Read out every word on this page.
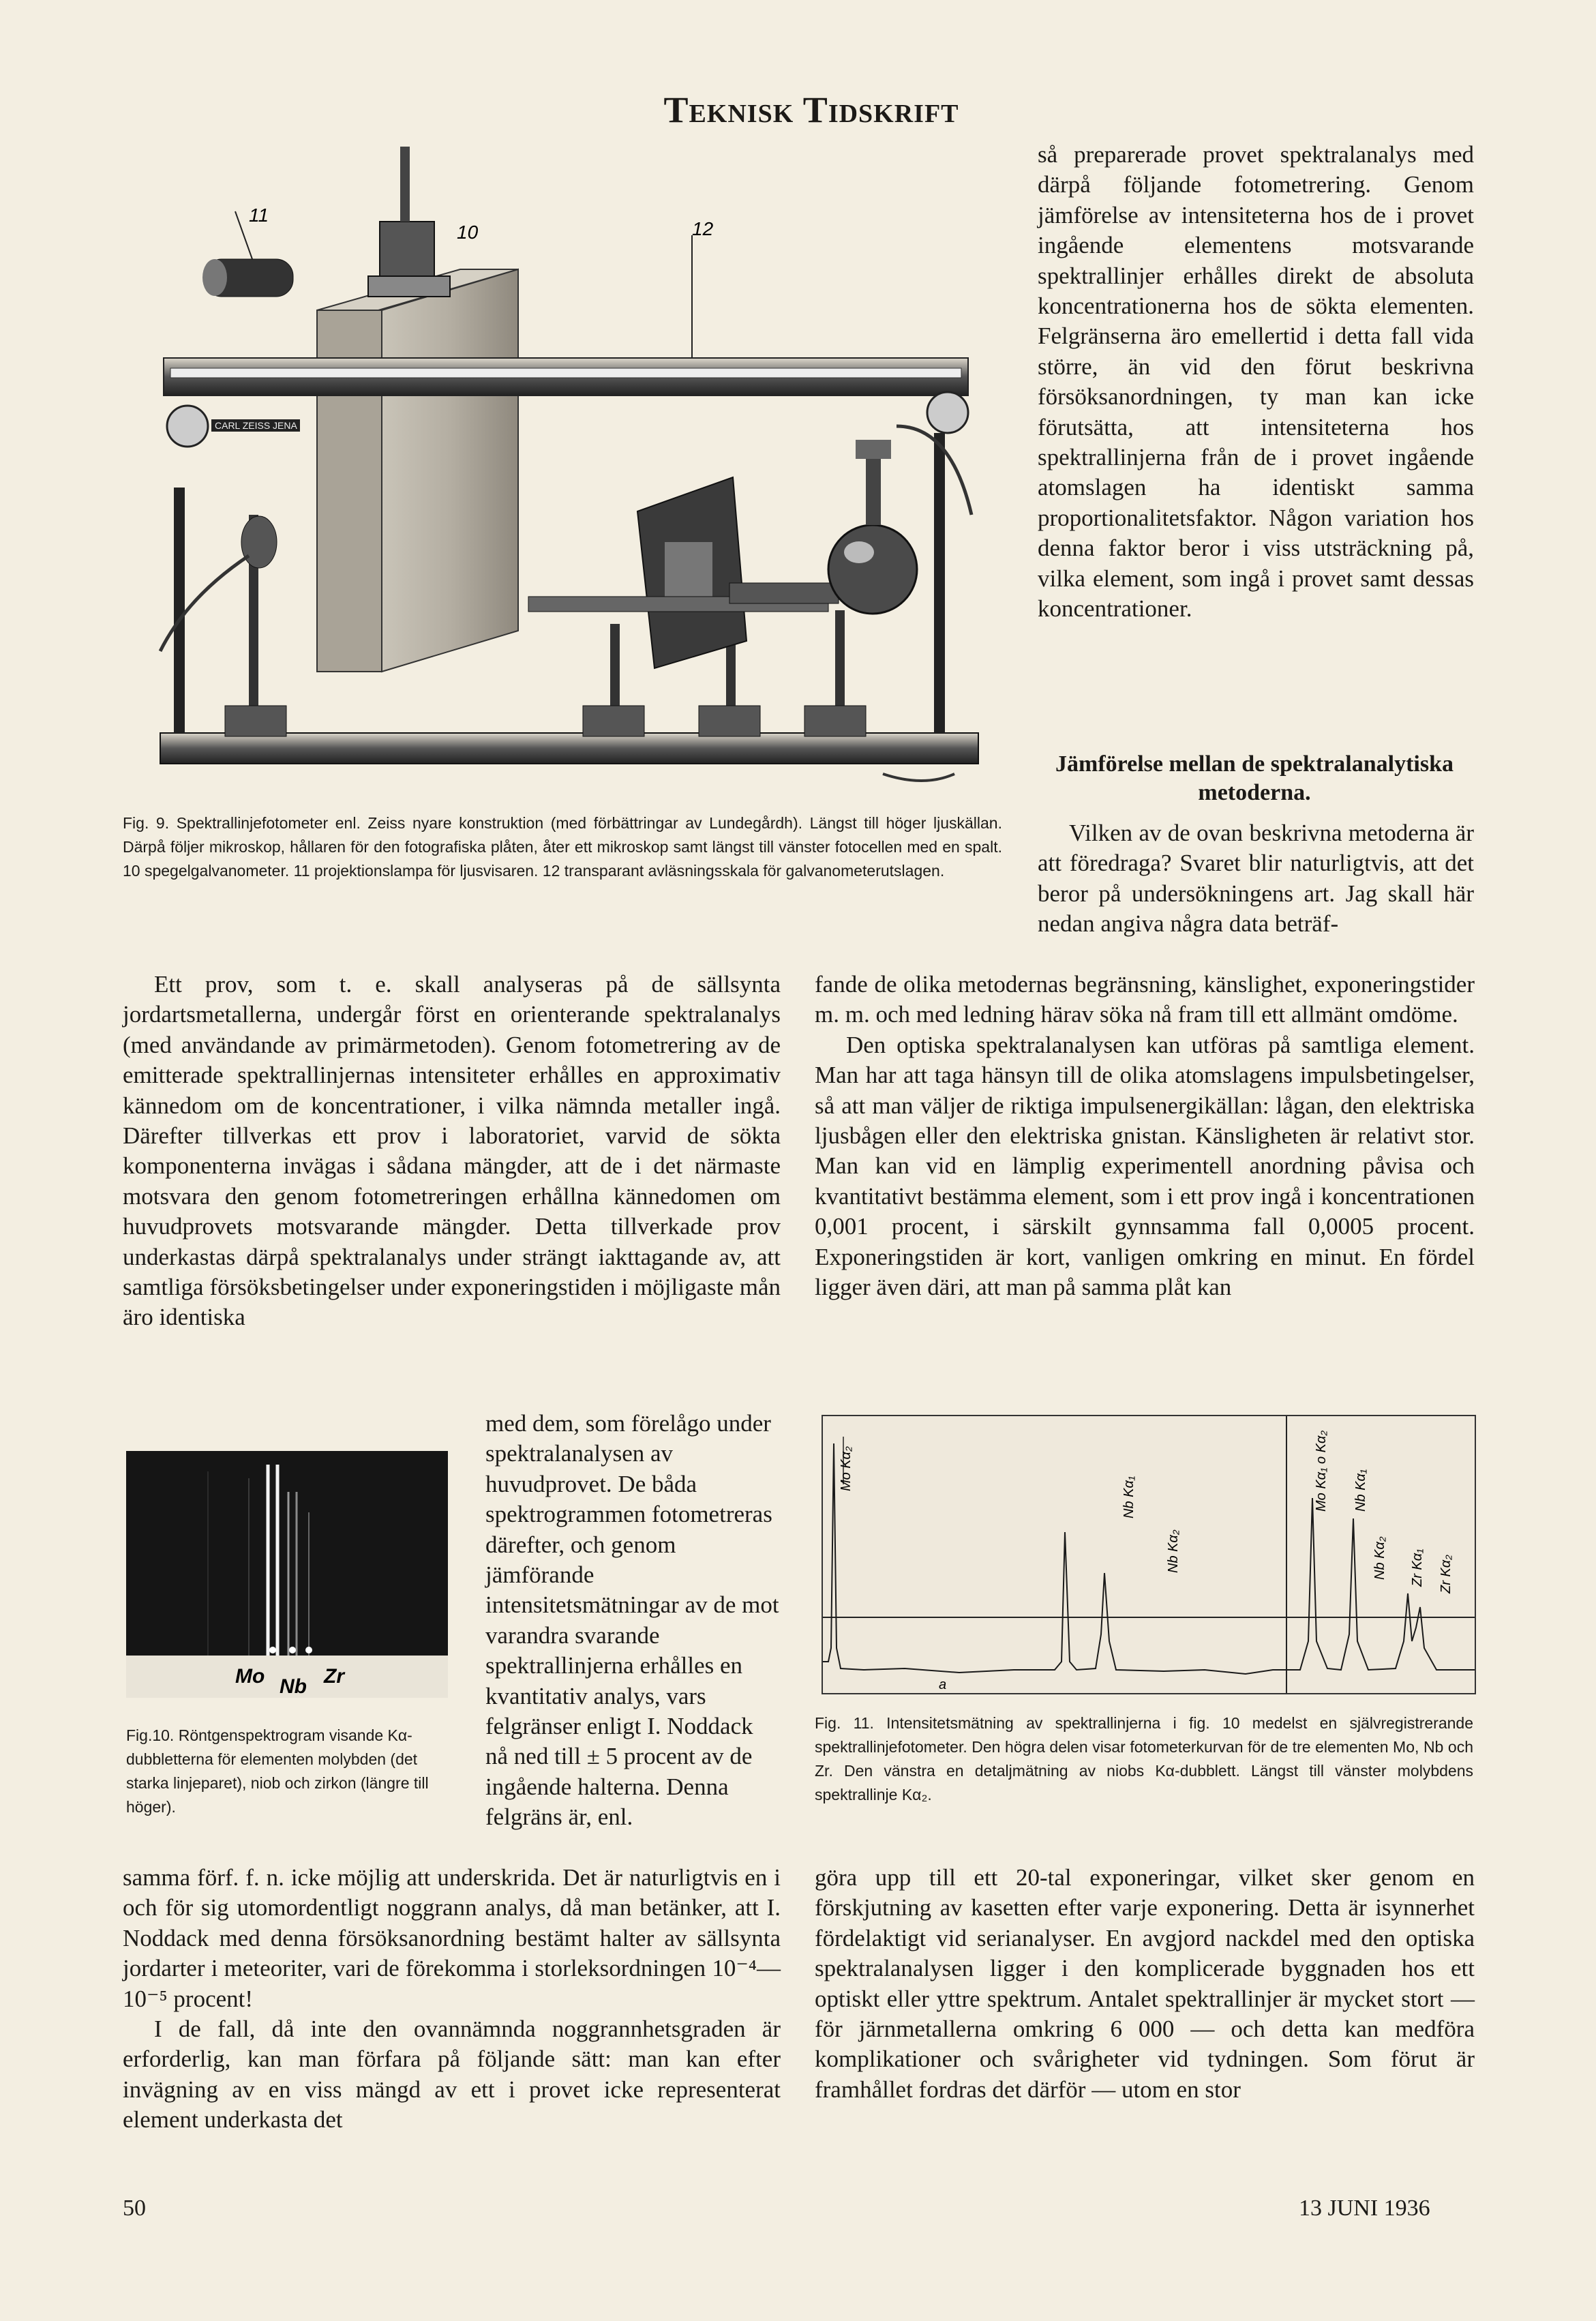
Teknisk Tidskrift
CARL ZEISS JENA
11
10	12
Fig. 9. Spektrallinjefotometer enl. Zeiss nyare konstruktion (med förbättringar av Lundegårdh). Längst till höger ljuskällan. Därpå följer mikroskop, hållaren för den fotografiska plåten, åter ett mikroskop samt längst till vänster fotocellen med en spalt. 10 spegelgalvanometer. 11 projektionslampa för ljusvisaren. 12 transparant avläsningsskala för galvanometerutslagen.

så preparerade provet spektralanalys med därpå följande fotometrering. Genom jämförelse av intensiteterna hos de i provet ingående elementens motsvarande spektrallinjer erhålles direkt de absoluta koncentrationerna hos de sökta elementen. Felgränserna äro emellertid i detta fall vida större, än vid den förut beskrivna försöksanordningen, ty man kan icke förutsätta, att intensiteterna hos spektrallinjerna från de i provet ingående atomslagen ha identiskt samma proportionalitetsfaktor. Någon variation hos denna faktor beror i viss utsträckning på, vilka element, som ingå i provet samt dessas koncentrationer.

Jämförelse mellan de spektralanalytiska metoderna.

Vilken av de ovan beskrivna metoderna är att föredraga? Svaret blir naturligtvis, att det beror på undersökningens art. Jag skall här nedan angiva några data beträf-

fande de olika metodernas begränsning, känslighet, exponeringstider m. m. och med ledning härav söka nå fram till ett allmänt omdöme.

Den optiska spektralanalysen kan utföras på samtliga element. Man har att taga hänsyn till de olika atomslagens impulsbetingelser, så att man väljer de riktiga impulsenergikällan: lågan, den elektriska ljusbågen eller den elektriska gnistan. Känsligheten är relativt stor. Man kan vid en lämplig experimentell anordning påvisa och kvantitativt bestämma element, som i ett prov ingå i koncentrationen 0,001 procent, i särskilt gynnsamma fall 0,0005 procent. Exponeringstiden är kort, vanligen omkring en minut. En fördel ligger även däri, att man på samma plåt kan

Ett prov, som t. e. skall analyseras på de sällsynta jordartsmetallerna, undergår först en orienterande spektralanalys (med användande av primärmetoden). Genom fotometrering av de emitterade spektrallinjernas intensiteter erhålles en approximativ kännedom om de koncentrationer, i vilka nämnda metaller ingå. Därefter tillverkas ett prov i laboratoriet, varvid de sökta komponenterna invägas i sådana mängder, att de i det närmaste motsvara den genom fotometreringen erhållna kännedomen om huvudprovets motsvarande mängder. Detta tillverkade prov underkastas därpå spektralanalys under strängt iakttagande av, att samtliga försöksbetingelser under exponeringstiden i möjligaste mån äro identiska

Mo Nb Zr
Fig.10. Röntgenspektrogram visande Kα-dubbletterna för elementen molybden (det starka linjeparet), niob och zirkon (längre till höger).

med dem, som förelågo under spektralanalysen av huvudprovet. De båda spektrogrammen fotometreras därefter, och genom jämförande intensitetsmätningar av de mot varandra svarande spektrallinjerna erhålles en kvantitativ analys, vars felgränser enligt I. Noddack nå ned till ± 5 procent av de ingående halterna. Denna felgräns är, enl.

samma förf. f. n. icke möjlig att underskrida. Det är naturligtvis en i och för sig utomordentligt noggrann analys, då man betänker, att I. Noddack med denna försöksanordning bestämt halter av sällsynta jordarter i meteoriter, vari de förekomma i storleksordningen 10⁻⁴—10⁻⁵ procent!

I de fall, då inte den ovannämnda noggrannhetsgraden är erforderlig, kan man förfara på följande sätt: man kan efter invägning av en viss mängd av ett i provet icke representerat element underkasta det

Mo Kα₂
Nb Kα₁
Nb Kα₂
Mo Kα₁ o Kα₂ Nb Kα₁
Nb Kα₂ Zr Kα₁ Zr Kα₂
a
Fig. 11. Intensitetsmätning av spektrallinjerna i fig. 10 medelst en självregistrerande spektrallinjefotometer. Den högra delen visar fotometerkurvan för de tre elementen Mo, Nb och Zr. Den vänstra en detaljmätning av niobs Kα-dubblett. Längst till vänster molybdens spektrallinje Kα₂.

göra upp till ett 20-tal exponeringar, vilket sker genom en förskjutning av kasetten efter varje exponering. Detta är isynnerhet fördelaktigt vid serianalyser. En avgjord nackdel med den optiska spektralanalysen ligger i den komplicerade byggnaden hos ett optiskt eller yttre spektrum. Antalet spektrallinjer är mycket stort — för järnmetallerna omkring 6 000 — och detta kan medföra komplikationer och svårigheter vid tydningen. Som förut är framhållet fordras det därför — utom en stor

50	13 JUNI 1936
